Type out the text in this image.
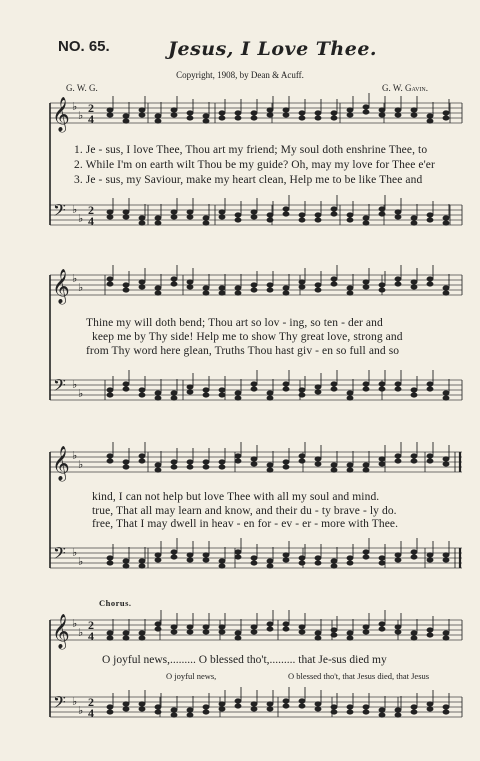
𝄞
𝄢
𝄞
𝄢
𝄞
𝄢
𝄞
𝄢
♭
♭
♭
♭
♭
♭
♭
♭
♭
♭
♭
♭
♭
♭
♭
♭
2
4
2
4
2
4
2
4
NO. 65.	Jesus, I Love Thee.
Copyright, 1908, by Dean & Acuff.
G. W. G.	G. W. Gavin.
1. Je - sus, I love Thee, Thou art my friend; My soul doth enshrine Thee, to
2. While I'm on earth wilt Thou be my guide? Oh, may my love for Thee e'er
3. Je - sus, my Saviour, make my heart clean, Help me to be like Thee and
Thine my will doth bend; Thou art so lov - ing, so ten - der and
keep me by Thy side! Help me to show Thy great love, strong and
from Thy word here glean, Truths Thou hast giv - en so full and so
kind, I can not help but love Thee with all my soul and mind.
true, That all may learn and know, and their du - ty brave - ly do.
free, That I may dwell in heav - en for - ev - er - more with Thee.
Chorus.
O joyful news,......... O blessed tho't,......... that Je-sus died my
O joyful news,	O blessed tho't, that Jesus died, that Jesus
